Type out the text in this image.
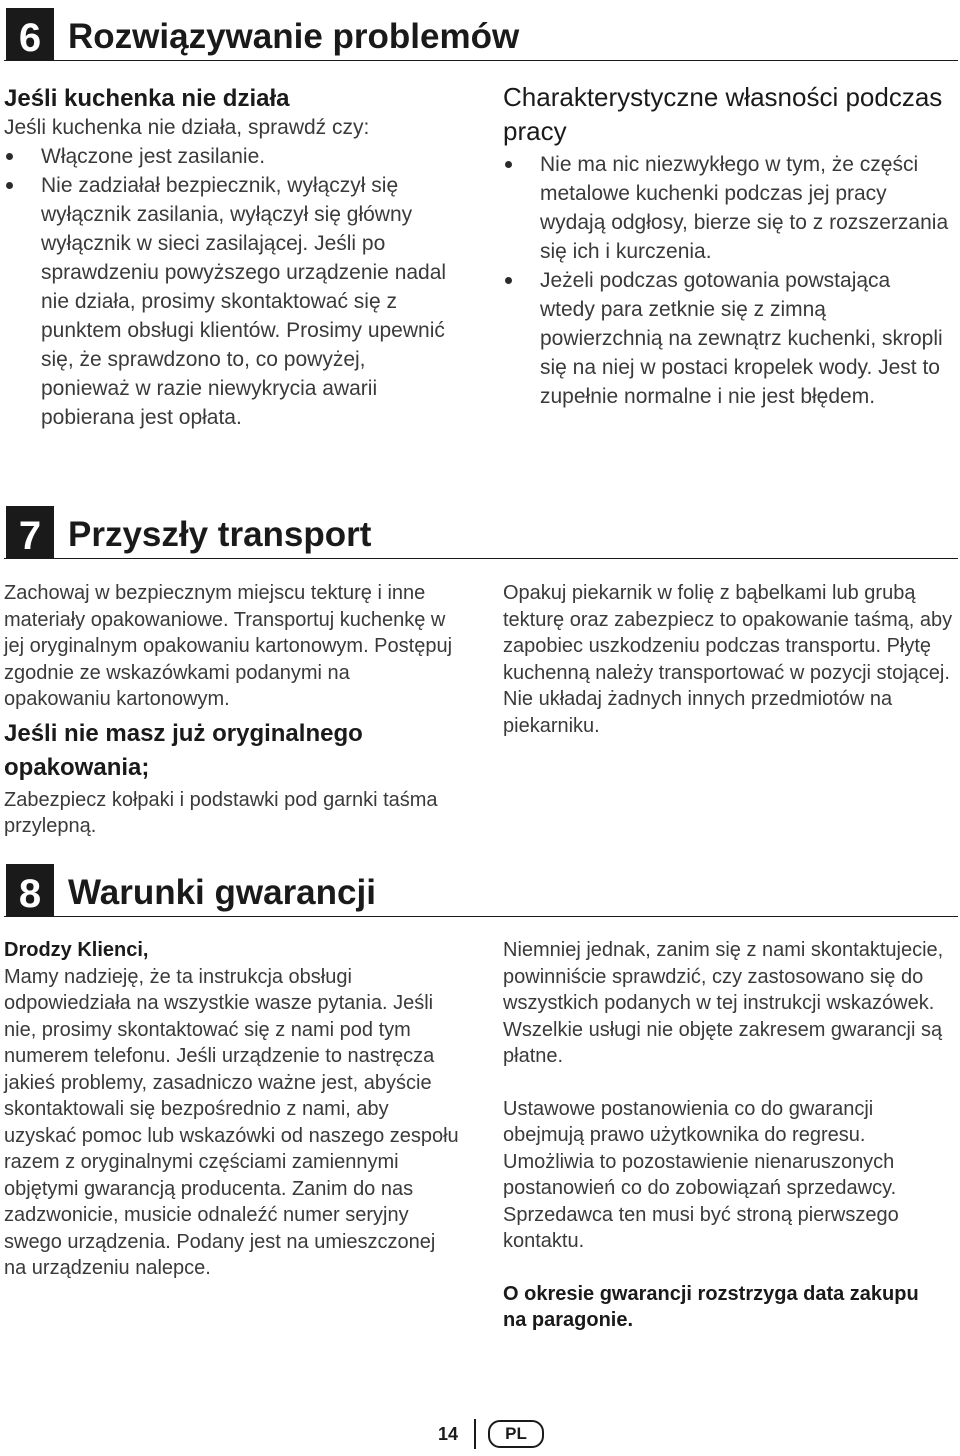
6 Rozwiązywanie problemów
Jeśli kuchenka nie działa
Jeśli kuchenka nie działa, sprawdź czy:
Włączone jest zasilanie.
Nie zadziałał bezpiecznik, wyłączył się wyłącznik zasilania, wyłączył się główny wyłącznik w sieci zasilającej. Jeśli po sprawdzeniu powyższego urządzenie nadal nie działa, prosimy skontaktować się z punktem obsługi klientów. Prosimy upewnić się, że sprawdzono to, co powyżej, ponieważ w razie niewykrycia awarii pobierana jest opłata.
Charakterystyczne własności podczas pracy
Nie ma nic niezwykłego w tym, że części metalowe kuchenki podczas jej pracy wydają odgłosy, bierze się to z rozszerzania się ich i kurczenia.
Jeżeli podczas gotowania powstająca wtedy para zetknie się z zimną powierzchnią na zewnątrz kuchenki, skropli się na niej w postaci kropelek wody. Jest to zupełnie normalne i nie jest błędem.
7 Przyszły transport
Zachowaj w bezpiecznym miejscu tekturę i inne materiały opakowaniowe. Transportuj kuchenkę w jej oryginalnym opakowaniu kartonowym. Postępuj zgodnie ze wskazówkami podanymi na opakowaniu kartonowym.
Jeśli nie masz już oryginalnego opakowania;
Zabezpiecz kołpaki i podstawki pod garnki taśma przylepną.
Opakuj piekarnik w folię z bąbelkami lub grubą tekturę oraz zabezpiecz to opakowanie taśmą, aby zapobiec uszkodzeniu podczas transportu. Płytę kuchenną należy transportować w pozycji stojącej. Nie układaj żadnych innych przedmiotów na piekarniku.
8 Warunki gwarancji
Drodzy Klienci,
Mamy nadzieję, że ta instrukcja obsługi odpowiedziała na wszystkie wasze pytania. Jeśli nie, prosimy skontaktować się z nami pod tym numerem telefonu. Jeśli urządzenie to nastręcza jakieś problemy, zasadniczo ważne jest, abyście skontaktowali się bezpośrednio z nami, aby uzyskać pomoc lub wskazówki od naszego zespołu razem z oryginalnymi częściami zamiennymi objętymi gwarancją producenta. Zanim do nas zadzwonicie, musicie odnaleźć numer seryjny swego urządzenia. Podany jest na umieszczonej na urządzeniu nalepce.
Niemniej jednak, zanim się z nami skontaktujecie, powinniście sprawdzić, czy zastosowano się do wszystkich podanych w tej instrukcji wskazówek. Wszelkie usługi nie objęte zakresem gwarancji są płatne.
Ustawowe postanowienia co do gwarancji obejmują prawo użytkownika do regresu. Umożliwia to pozostawienie nienaruszonych postanowień co do zobowiązań sprzedawcy. Sprzedawca ten musi być stroną pierwszego kontaktu.
O okresie gwarancji rozstrzyga data zakupu na paragonie.
14	PL
